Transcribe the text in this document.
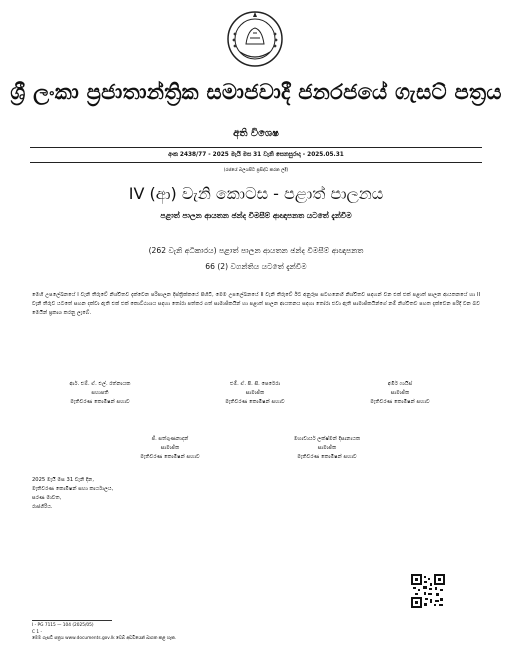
ශ්‍රී ලංකා ප්‍රජාතාන්ත්‍රික සමාජවාදී ජනරජයේ ගැසට් පත්‍රය
අති විශෙෂ
අංක 2438/77 - 2025 මැයි මස 31 වැනි සෙනසුරාදා - 2025.05.31
(රජයේ බලයපිට ප්‍රසිද්ධ කරන ලදී)
IV (ආ) වැනි කොටස - පළාත් පාලනය
පළාත් පාලන ආයතන ඡන්ද විමසීම් ආඥාපනත යටතේ දැන්වීම
(262 වැනි අධිකාරය) පළාත් පාලන ආයතන ඡන්ද විමසීම් ආඥාපනත
66 (2) වගන්තිය යටතේ දැන්වීම
මෙහි උපලේඛනයේ I වැනි තීරුවේ නිශ්චිතව දැක්වෙන පරිපාලන දිස්ත්‍රික්කයේ පිහිටි, මෙම උපලේඛනයේ II වැනි තීරුවේ ඊට අනුරූප සටහනෙහි නිශ්චිතව සඳහන් වන එක් එක් පළාත් පාලන ආයතනයේ හා II වැනි තීරුව යටතේ සහන දක්වා ඇති එක් එක් කොට්ඨාශය සඳහා තෝරා පත්කර ගත් සාමාජිකයින් හා පළාත් පාලන ආයතනය සඳහා තෝරා එවා ඇති සාමාජිකයින්ගේ නම් නිශ්චිතව පහත දැක්වෙන පරිදි වන බව මෙයින් ප්‍රකාශ කරනු ලැබේ.
ආර්. එම්. ඒ. එල්. රත්නායක
සභාපති
මැතිවරණ කොමිෂන් සභාව
එම්. ඒ. පී. සී. පෙරේරා
සාමාජික
මැතිවරණ කොමිෂන් සභාව
අමීර් ෆායිස්
සාමාජික
මැතිවරණ කොමිෂන් සභාව
ජී. සත්ගුණනාදන්
සාමාජික
මැතිවරණ කොමිෂන් සභාව
මහාචාර්ය ලක්ෂ්මන් දිසානායක
සාමාජික
මැතිවරණ කොමිෂන් සභාව
2025 මැයි මස 31 වැනි දින,
මැතිවරණ කොමිෂන් සභා කාර්යාලය,
සරණ මාවත,
රාජගිරිය.
I - PG 7115 — 104 (2025/05)
C 1 -
මෙම ගැසට් පත්‍රය www.documents.gov.lk වෙබ් අඩවියෙන් බාගත කළ හැක.
